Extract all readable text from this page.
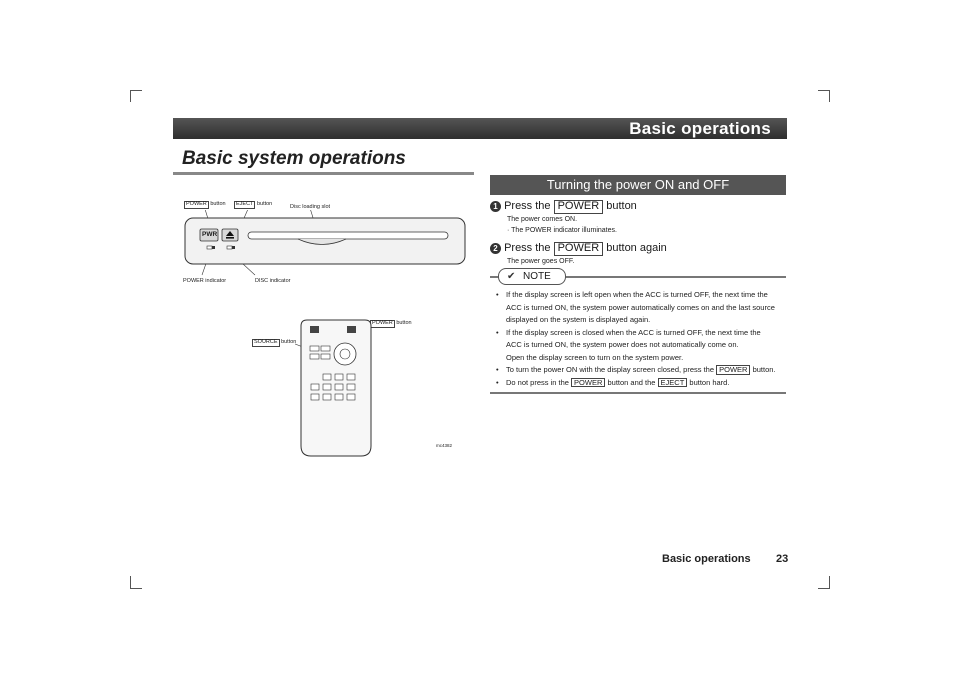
Basic operations
Basic system operations
POWER button	EJECT button	Disc loading slot
POWER indicator	DISC indicator
PWR
POWER button
SOURCE button
mc4382
Turning the power ON and OFF
1 Press the POWER button
The power comes ON.
· The POWER indicator illuminates.
2 Press the POWER button again
The power goes OFF.
✔ NOTE
• If the display screen is left open when the ACC is turned OFF, the next time the
ACC is turned ON, the system power automatically comes on and the last source
displayed on the system is displayed again.
• If the display screen is closed when the ACC is turned OFF, the next time the
ACC is turned ON, the system power does not automatically come on.
Open the display screen to turn on the system power.
• To turn the power ON with the display screen closed, press the POWER button.
• Do not press in the POWER button and the EJECT button hard.
Basic operations 23
